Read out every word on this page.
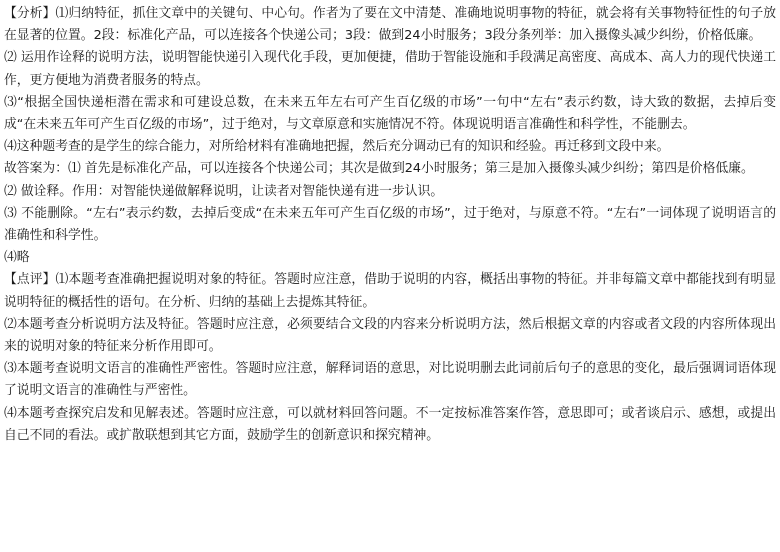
【分析】⑴归纳特征，抓住文章中的关键句、中心句。作者为了要在文中清楚、准确地说明事物的特征，就会将有关事物特征性的句子放在显著的位置。2段：标准化产品，可以连接各个快递公司；3段：做到24小时服务；3段分条列举：加入摄像头减少纠纷，价格低廉。

⑵ 运用作诠释的说明方法，说明智能快递引入现代化手段，更加便捷，借助于智能设施和手段满足高密度、高成本、高人力的现代快递工作，更方便地为消费者服务的特点。

⑶“根据全国快递柜潜在需求和可建设总数，在未来五年左右可产生百亿级的市场”一句中“左右”表示约数，诗大致的数据，去掉后变成“在未来五年可产生百亿级的市场”，过于绝对，与文章原意和实施情况不符。体现说明语言准确性和科学性，不能删去。

⑷这种题考查的是学生的综合能力，对所给材料有准确地把握，然后充分调动已有的知识和经验。再迁移到文段中来。

故答案为：⑴ 首先是标准化产品，可以连接各个快递公司；其次是做到24小时服务；第三是加入摄像头减少纠纷；第四是价格低廉。

⑵ 做诠释。作用：对智能快递做解释说明，让读者对智能快递有进一步认识。

⑶ 不能删除。“左右”表示约数，去掉后变成“在未来五年可产生百亿级的市场”，过于绝对，与原意不符。“左右”一词体现了说明语言的准确性和科学性。

⑷略

【点评】⑴本题考查准确把握说明对象的特征。答题时应注意，借助于说明的内容，概括出事物的特征。并非每篇文章中都能找到有明显说明特征的概括性的语句。在分析、归纳的基础上去提炼其特征。

⑵本题考查分析说明方法及特征。答题时应注意，必须要结合文段的内容来分析说明方法，然后根据文章的内容或者文段的内容所体现出来的说明对象的特征来分析作用即可。

⑶本题考查说明文语言的准确性严密性。答题时应注意，解释词语的意思，对比说明删去此词前后句子的意思的变化，最后强调词语体现了说明文语言的准确性与严密性。

⑷本题考查探究启发和见解表述。答题时应注意，可以就材料回答问题。不一定按标准答案作答，意思即可；或者谈启示、感想，或提出自己不同的看法。或扩散联想到其它方面，鼓励学生的创新意识和探究精神。
